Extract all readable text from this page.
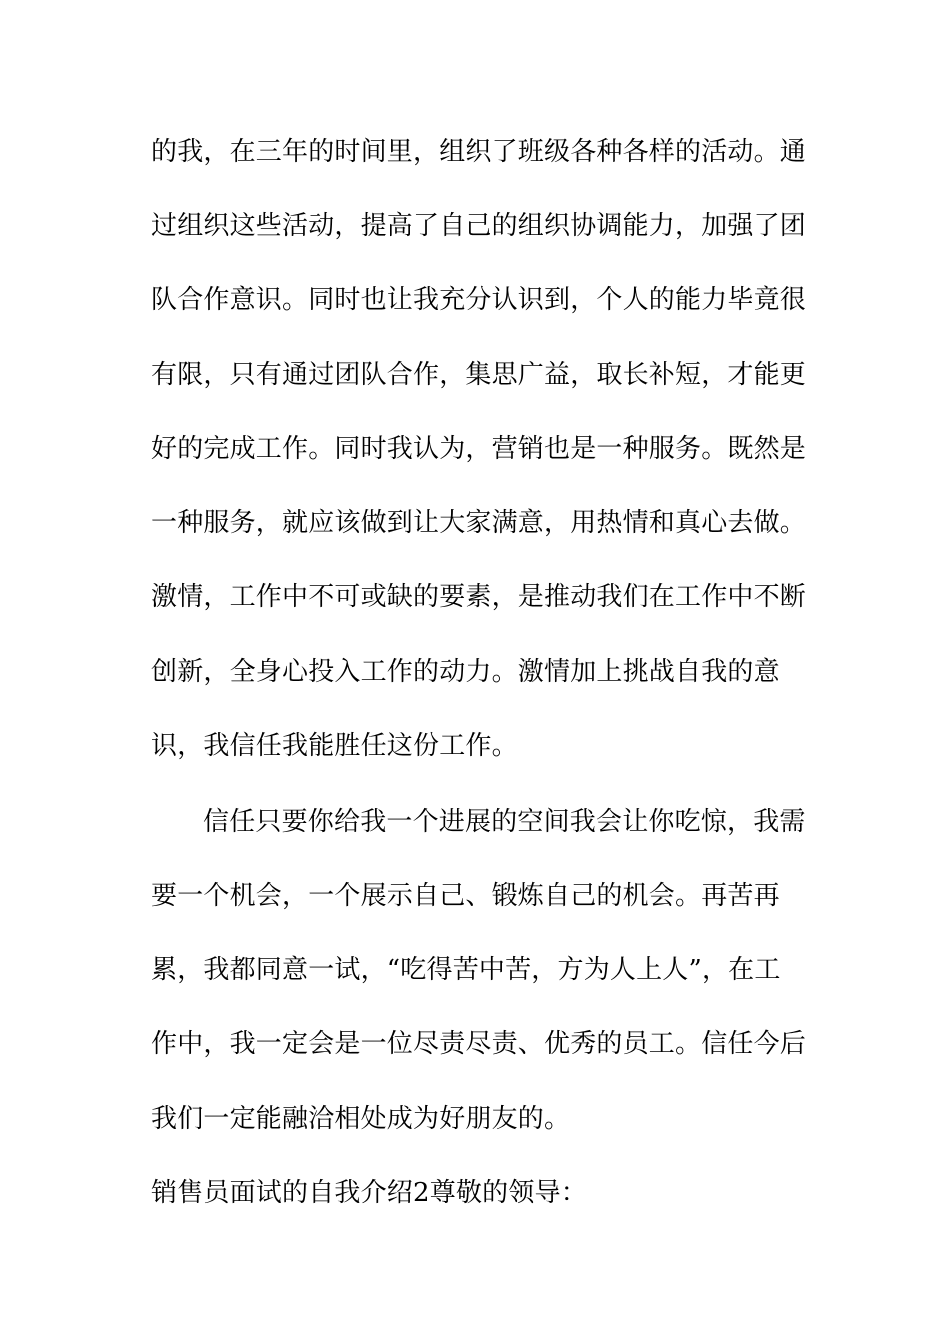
的我，在三年的时间里，组织了班级各种各样的活动。通
过组织这些活动，提高了自己的组织协调能力，加强了团
队合作意识。同时也让我充分认识到，个人的能力毕竟很
有限，只有通过团队合作，集思广益，取长补短，才能更
好的完成工作。同时我认为，营销也是一种服务。既然是
一种服务，就应该做到让大家满意，用热情和真心去做。
激情，工作中不可或缺的要素，是推动我们在工作中不断
创新，全身心投入工作的动力。激情加上挑战自我的意
识，我信任我能胜任这份工作。
信任只要你给我一个进展的空间我会让你吃惊，我需
要一个机会，一个展示自己、锻炼自己的机会。再苦再
累，我都同意一试，“吃得苦中苦，方为人上人”，在工
作中，我一定会是一位尽责尽责、优秀的员工。信任今后
我们一定能融洽相处成为好朋友的。
销售员面试的自我介绍2尊敬的领导：
